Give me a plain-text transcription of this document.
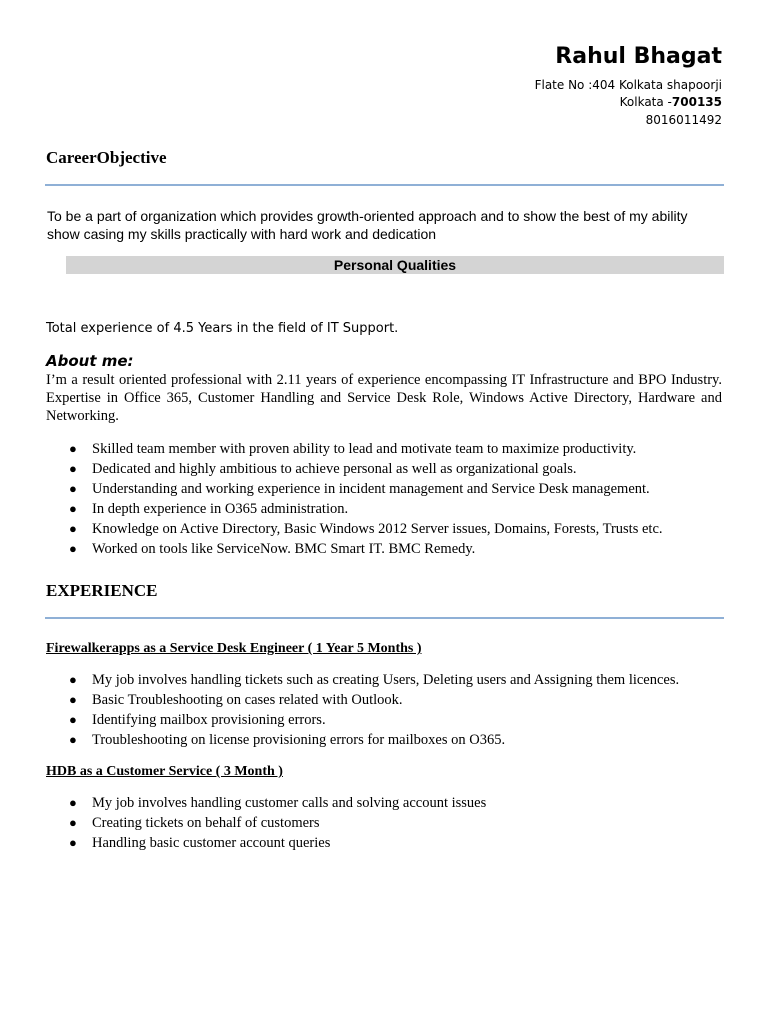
Rahul Bhagat
Flate No :404 Kolkata shapoorji
Kolkata -700135
8016011492
CareerObjective
To be a part of organization which provides growth-oriented approach and to show the best of my ability show casing my skills practically with hard work and dedication
Personal Qualities
Total experience of 4.5 Years in the field of IT Support.
About me:
I’m a result oriented professional with 2.11 years of experience encompassing IT Infrastructure and BPO Industry. Expertise in Office 365, Customer Handling and Service Desk Role, Windows Active Directory, Hardware and Networking.
● Skilled team member with proven ability to lead and motivate team to maximize productivity.
● Dedicated and highly ambitious to achieve personal as well as organizational goals.
● Understanding and working experience in incident management and Service Desk management.
● In depth experience in O365 administration.
● Knowledge on Active Directory, Basic Windows 2012 Server issues, Domains, Forests, Trusts etc.
● Worked on tools like ServiceNow. BMC Smart IT. BMC Remedy.
EXPERIENCE
Firewalkerapps as a Service Desk Engineer ( 1 Year 5 Months )
● My job involves handling tickets such as creating Users, Deleting users and Assigning them licences.
● Basic Troubleshooting on cases related with Outlook.
● Identifying mailbox provisioning errors.
● Troubleshooting on license provisioning errors for mailboxes on O365.
HDB as a Customer Service ( 3 Month )
● My job involves handling customer calls and solving account issues
● Creating tickets on behalf of customers
● Handling basic customer account queries
